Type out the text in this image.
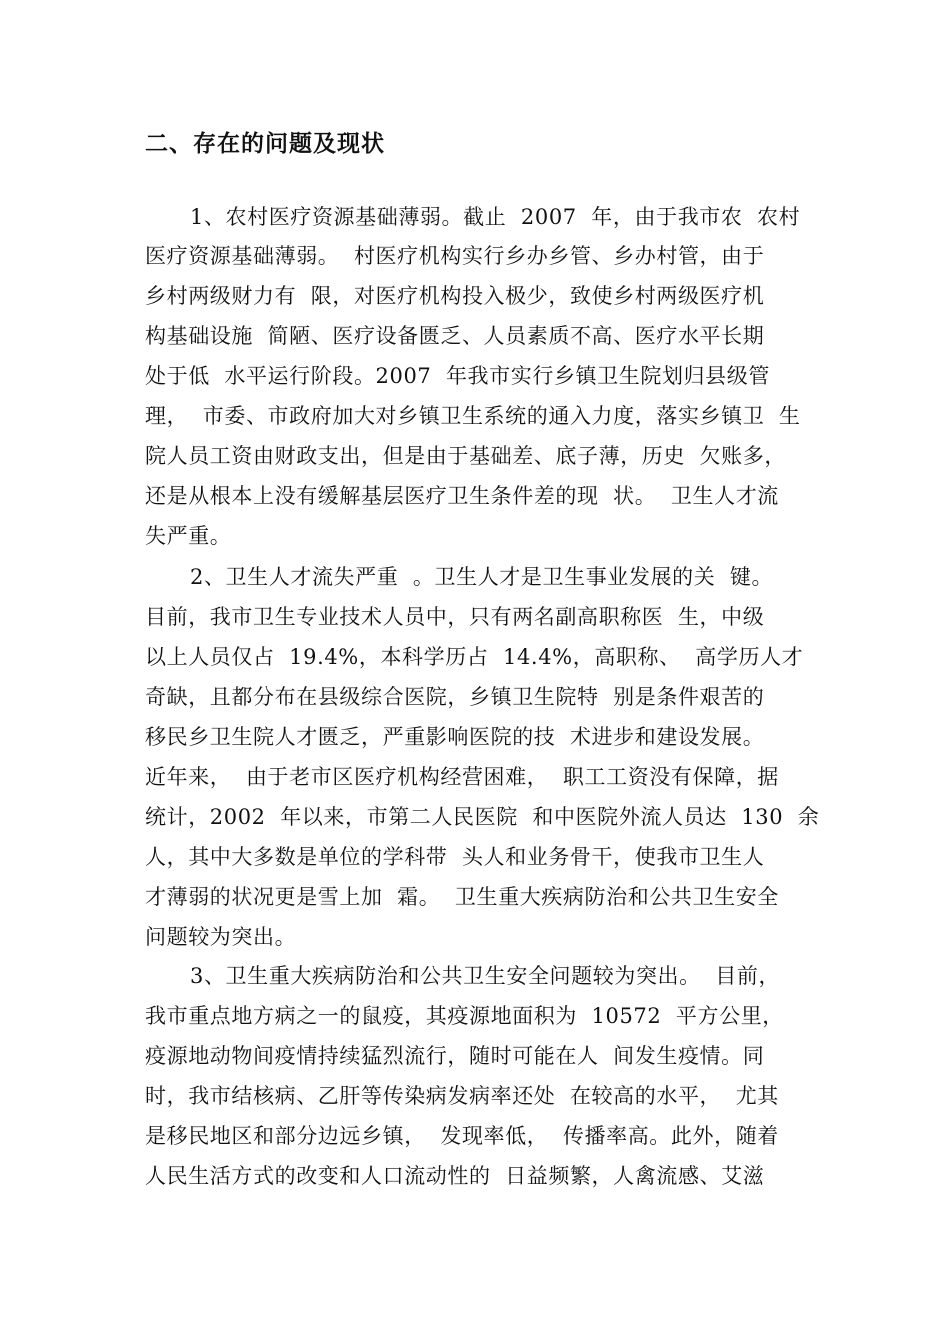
二、存在的问题及现状
1、农村医疗资源基础薄弱。截止  2007  年，由于我市农  农村
医疗资源基础薄弱。  村医疗机构实行乡办乡管、乡办村管，由于
乡村两级财力有  限，对医疗机构投入极少，致使乡村两级医疗机
构基础设施  简陋、医疗设备匮乏、人员素质不高、医疗水平长期
处于低  水平运行阶段。2007  年我市实行乡镇卫生院划归县级管
理，  市委、市政府加大对乡镇卫生系统的通入力度，落实乡镇卫  生
院人员工资由财政支出，但是由于基础差、底子薄，历史  欠账多，
还是从根本上没有缓解基层医疗卫生条件差的现  状。  卫生人才流
失严重。
2、卫生人才流失严重  。卫生人才是卫生事业发展的关  键。
目前，我市卫生专业技术人员中，只有两名副高职称医  生，中级
以上人员仅占  19.4%，本科学历占  14.4%，高职称、  高学历人才
奇缺，且都分布在县级综合医院，乡镇卫生院特  别是条件艰苦的
移民乡卫生院人才匮乏，严重影响医院的技  术进步和建设发展。
近年来，  由于老市区医疗机构经营困难，  职工工资没有保障，据
统计，2002  年以来，市第二人民医院  和中医院外流人员达  130  余
人，其中大多数是单位的学科带  头人和业务骨干，使我市卫生人
才薄弱的状况更是雪上加  霜。  卫生重大疾病防治和公共卫生安全
问题较为突出。
3、卫生重大疾病防治和公共卫生安全问题较为突出。  目前，
我市重点地方病之一的鼠疫，其疫源地面积为  10572  平方公里，
疫源地动物间疫情持续猛烈流行，随时可能在人  间发生疫情。同
时，我市结核病、乙肝等传染病发病率还处  在较高的水平，  尤其
是移民地区和部分边远乡镇，  发现率低，  传播率高。此外，随着
人民生活方式的改变和人口流动性的  日益频繁，人禽流感、艾滋
